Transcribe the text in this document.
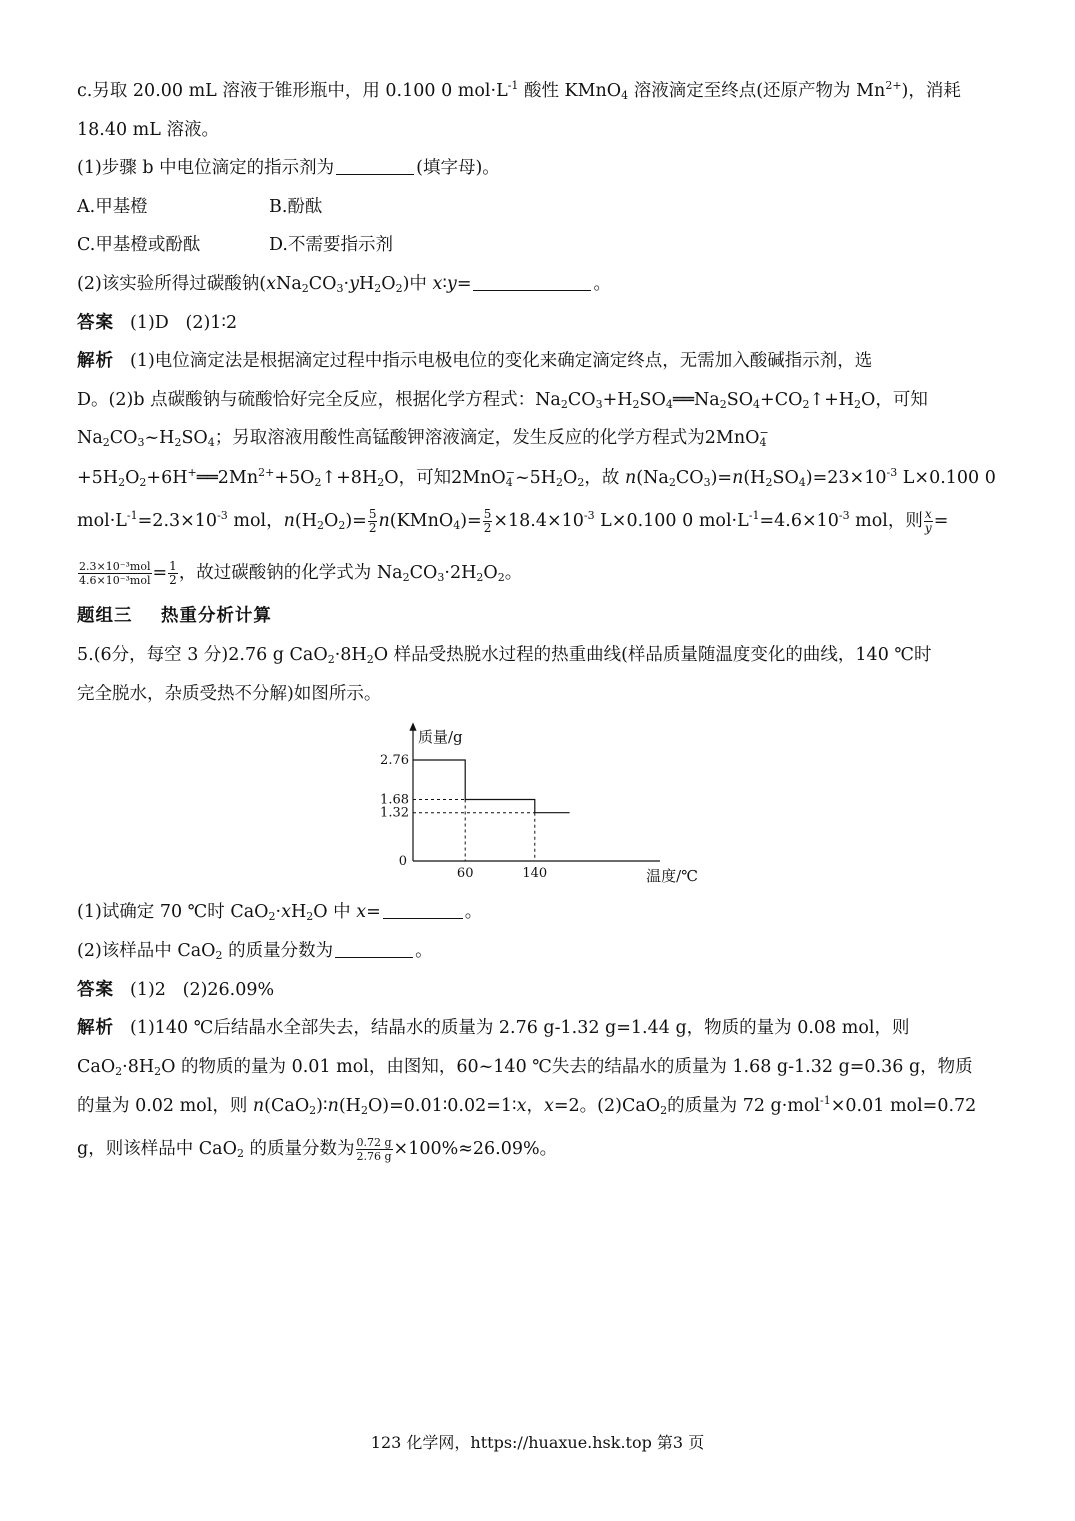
c.另取 20.00 mL 溶液于锥形瓶中，用 0.100 0 $mol\cdot L^{-1}$ 酸性 KMnO$_4$ 溶液滴定至终点(还原产物为 $Mn^{2+}$)，消耗
18.40 mL 溶液。
(1)步骤 b 中电位滴定的指示剂为	(填字母)。
A.甲基橙	B.酚酞
C.甲基橙或酚酞	D.不需要指示剂
(2)该实验所得过碳酸钠$(xNa_2CO_3\cdot yH_2O_2)$中 x∶y=	。
答案 (1)D   (2)1∶2
解析 (1)电位滴定法是根据滴定过程中指示电极电位的变化来确定滴定终点，无需加入酸碱指示剂，选
D。(2)b 点碳酸钠与硫酸恰好完全反应，根据化学方程式：$Na_2CO_3+H_2SO_4══Na_2SO_4+CO_2↑+H_2O$，可知
$Na_2CO_3\sim H_2SO_4$；另取溶液用酸性高锰酸钾溶液滴定，发生反应的化学方程式为2MnO$_4$−
$+5H_2O_2+6H^+══2Mn^{2+}+5O_2↑+8H_2O$，可知$2MnO_4^-\sim 5H_2O_2$，故 $n(Na_2CO_3)=n(H_2SO_4)=23\times 10^{-3}$ L×0.100 0
$mol\cdot L^{-1}=2.3\times 10^{-3}$ mol，$n(H_2O_2)= \frac{5}{2}$ n(KMnO$_4$)= $\frac{5}{2} \times 18.4\times 10^{-3}$ L×0.100 0 $mol\cdot L^{-1}=4.6\times 10^{-3}$ mol，则 $\frac{x}{y}$ =
$\frac{\text{2.3×10⁻³mol}}{\text{4.6×10⁻³mol}} = \frac{1}{2}$ ，故过碳酸钠的化学式为 $Na_2CO_3\cdot 2H_2O_2$。
题组三    热重分析计算
5.(6分，每空 3 分)2.76 g $CaO_2\cdot 8H_2O$ 样品受热脱水过程的热重曲线(样品质量随温度变化的曲线，140 ℃时
完全脱水，杂质受热不分解)如图所示。
质量/g
温度/℃
0
2.76
1.68
1.32
60	140
(1)试确定 70 ℃时 $CaO_2\cdot xH_2O$ 中 x=	。
(2)该样品中 CaO$_2$ 的质量分数为	。
答案 (1)2   (2)26.09%
解析 (1)140 ℃后结晶水全部失去，结晶水的质量为 2.76 g-1.32 g=1.44 g，物质的量为 0.08 mol，则
$CaO_2\cdot 8H_2O$ 的物质的量为 0.01 mol，由图知，60~140 ℃失去的结晶水的质量为 1.68 g-1.32 g=0.36 g，物质
的量为 0.02 mol，则 $n(CaO_2)∶n(H_2O)=0.01∶0.02=1∶x$，x=2。(2)CaO$_2$的质量为 72 g·mol$^{-1}$×0.01 mol=0.72
g，则该样品中 CaO$_2$ 的质量分数为 $\frac{0.72 g}{2.76 g} \times 100\%\approx 26.09\%$。
123 化学网，https://huaxue.hsk.top 第3 页
